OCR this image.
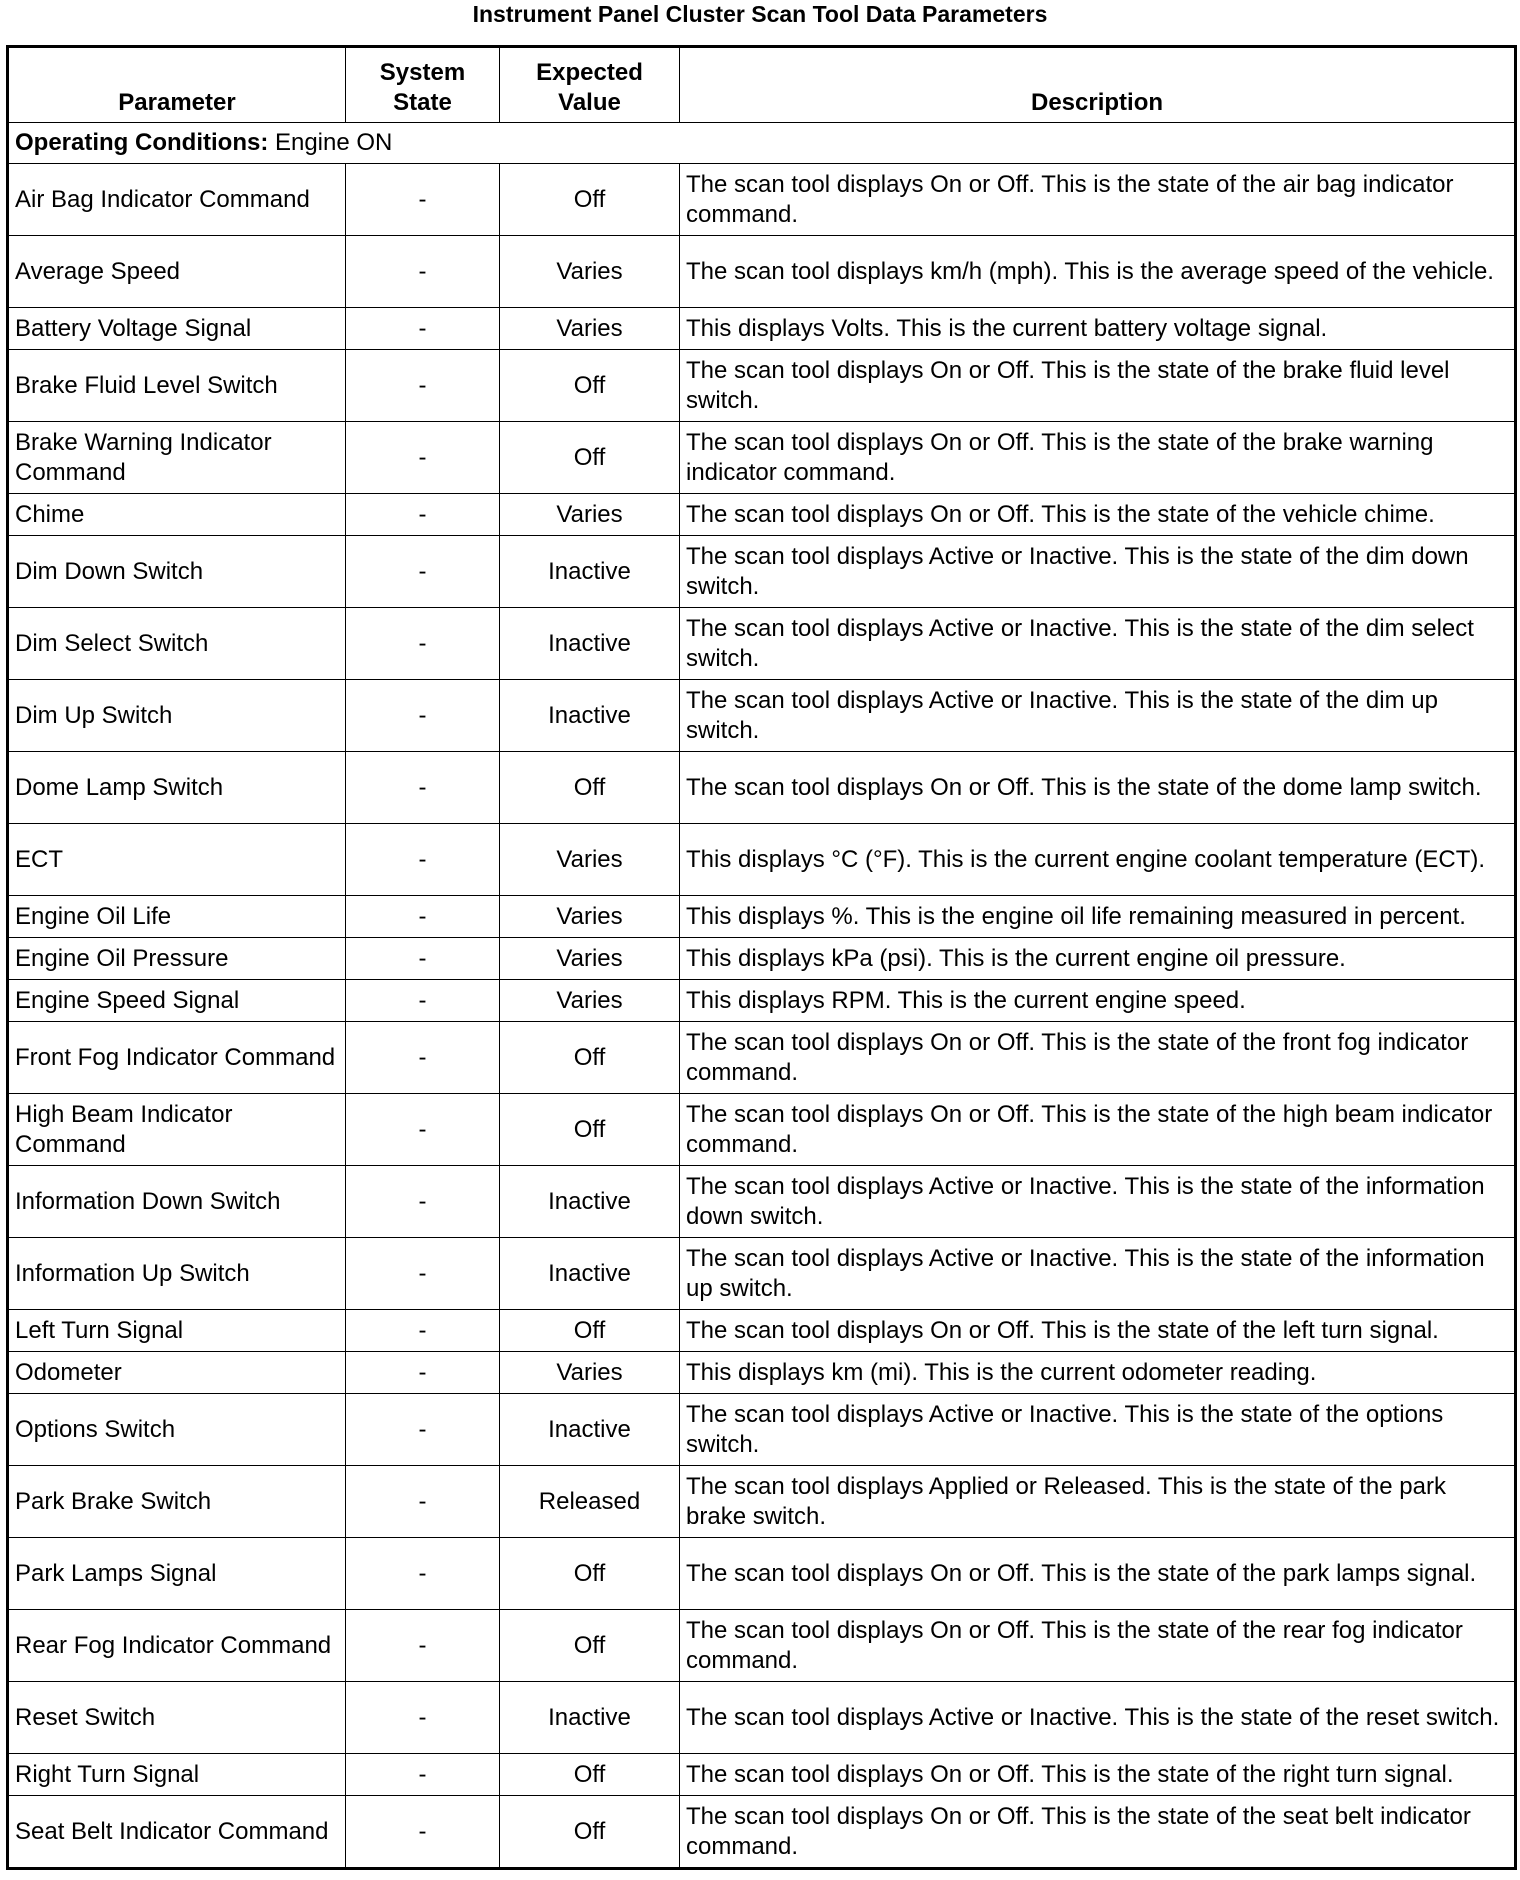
Instrument Panel Cluster Scan Tool Data Parameters
Parameter	System State	Expected Value	Description
Operating Conditions: Engine ON			
Air Bag Indicator Command	-	Off	The scan tool displays On or Off. This is the state of the air bag indicator command.
Average Speed	-	Varies	The scan tool displays km/h (mph). This is the average speed of the vehicle.
Battery Voltage Signal	-	Varies	This displays Volts. This is the current battery voltage signal.
Brake Fluid Level Switch	-	Off	The scan tool displays On or Off. This is the state of the brake fluid level switch.
Brake Warning Indicator Command	-	Off	The scan tool displays On or Off. This is the state of the brake warning indicator command.
Chime	-	Varies	The scan tool displays On or Off. This is the state of the vehicle chime.
Dim Down Switch	-	Inactive	The scan tool displays Active or Inactive. This is the state of the dim down switch.
Dim Select Switch	-	Inactive	The scan tool displays Active or Inactive. This is the state of the dim select switch.
Dim Up Switch	-	Inactive	The scan tool displays Active or Inactive. This is the state of the dim up switch.
Dome Lamp Switch	-	Off	The scan tool displays On or Off. This is the state of the dome lamp switch.
ECT	-	Varies	This displays °C (°F). This is the current engine coolant temperature (ECT).
Engine Oil Life	-	Varies	This displays %. This is the engine oil life remaining measured in percent.
Engine Oil Pressure	-	Varies	This displays kPa (psi). This is the current engine oil pressure.
Engine Speed Signal	-	Varies	This displays RPM. This is the current engine speed.
Front Fog Indicator Command	-	Off	The scan tool displays On or Off. This is the state of the front fog indicator command.
High Beam Indicator Command	-	Off	The scan tool displays On or Off. This is the state of the high beam indicator command.
Information Down Switch	-	Inactive	The scan tool displays Active or Inactive. This is the state of the information down switch.
Information Up Switch	-	Inactive	The scan tool displays Active or Inactive. This is the state of the information up switch.
Left Turn Signal	-	Off	The scan tool displays On or Off. This is the state of the left turn signal.
Odometer	-	Varies	This displays km (mi). This is the current odometer reading.
Options Switch	-	Inactive	The scan tool displays Active or Inactive. This is the state of the options switch.
Park Brake Switch	-	Released	The scan tool displays Applied or Released. This is the state of the park brake switch.
Park Lamps Signal	-	Off	The scan tool displays On or Off. This is the state of the park lamps signal.
Rear Fog Indicator Command	-	Off	The scan tool displays On or Off. This is the state of the rear fog indicator command.
Reset Switch	-	Inactive	The scan tool displays Active or Inactive. This is the state of the reset switch.
Right Turn Signal	-	Off	The scan tool displays On or Off. This is the state of the right turn signal.
Seat Belt Indicator Command	-	Off	The scan tool displays On or Off. This is the state of the seat belt indicator command.
